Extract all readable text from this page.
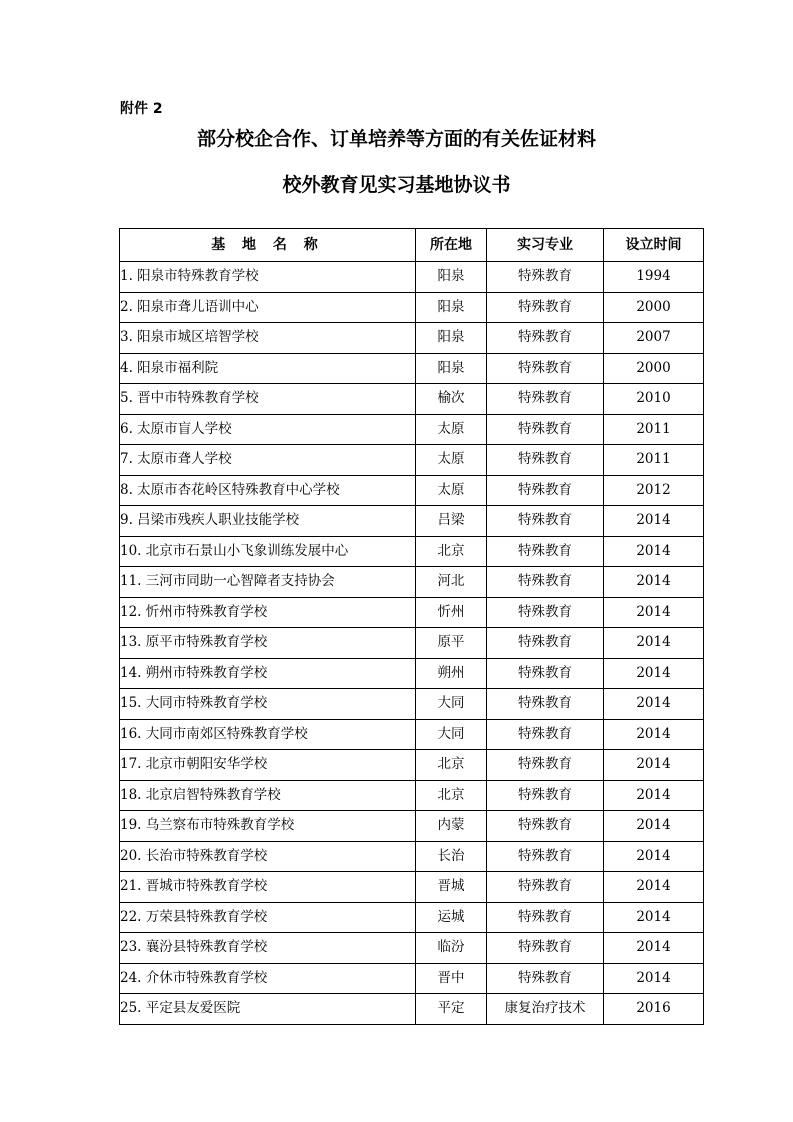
附件 2
部分校企合作、订单培养等方面的有关佐证材料
校外教育见实习基地协议书
基 地 名 称	所在地	实习专业	设立时间
1. 阳泉市特殊教育学校	阳泉	特殊教育	1994
2. 阳泉市聋儿语训中心	阳泉	特殊教育	2000
3. 阳泉市城区培智学校	阳泉	特殊教育	2007
4. 阳泉市福利院	阳泉	特殊教育	2000
5. 晋中市特殊教育学校	榆次	特殊教育	2010
6. 太原市盲人学校	太原	特殊教育	2011
7. 太原市聋人学校	太原	特殊教育	2011
8. 太原市杏花岭区特殊教育中心学校	太原	特殊教育	2012
9. 吕梁市残疾人职业技能学校	吕梁	特殊教育	2014
10. 北京市石景山小飞象训练发展中心	北京	特殊教育	2014
11. 三河市同助一心智障者支持协会	河北	特殊教育	2014
12. 忻州市特殊教育学校	忻州	特殊教育	2014
13. 原平市特殊教育学校	原平	特殊教育	2014
14. 朔州市特殊教育学校	朔州	特殊教育	2014
15. 大同市特殊教育学校	大同	特殊教育	2014
16. 大同市南郊区特殊教育学校	大同	特殊教育	2014
17. 北京市朝阳安华学校	北京	特殊教育	2014
18. 北京启智特殊教育学校	北京	特殊教育	2014
19. 乌兰察布市特殊教育学校	内蒙	特殊教育	2014
20. 长治市特殊教育学校	长治	特殊教育	2014
21. 晋城市特殊教育学校	晋城	特殊教育	2014
22. 万荣县特殊教育学校	运城	特殊教育	2014
23. 襄汾县特殊教育学校	临汾	特殊教育	2014
24. 介休市特殊教育学校	晋中	特殊教育	2014
25. 平定县友爱医院	平定	康复治疗技术	2016
